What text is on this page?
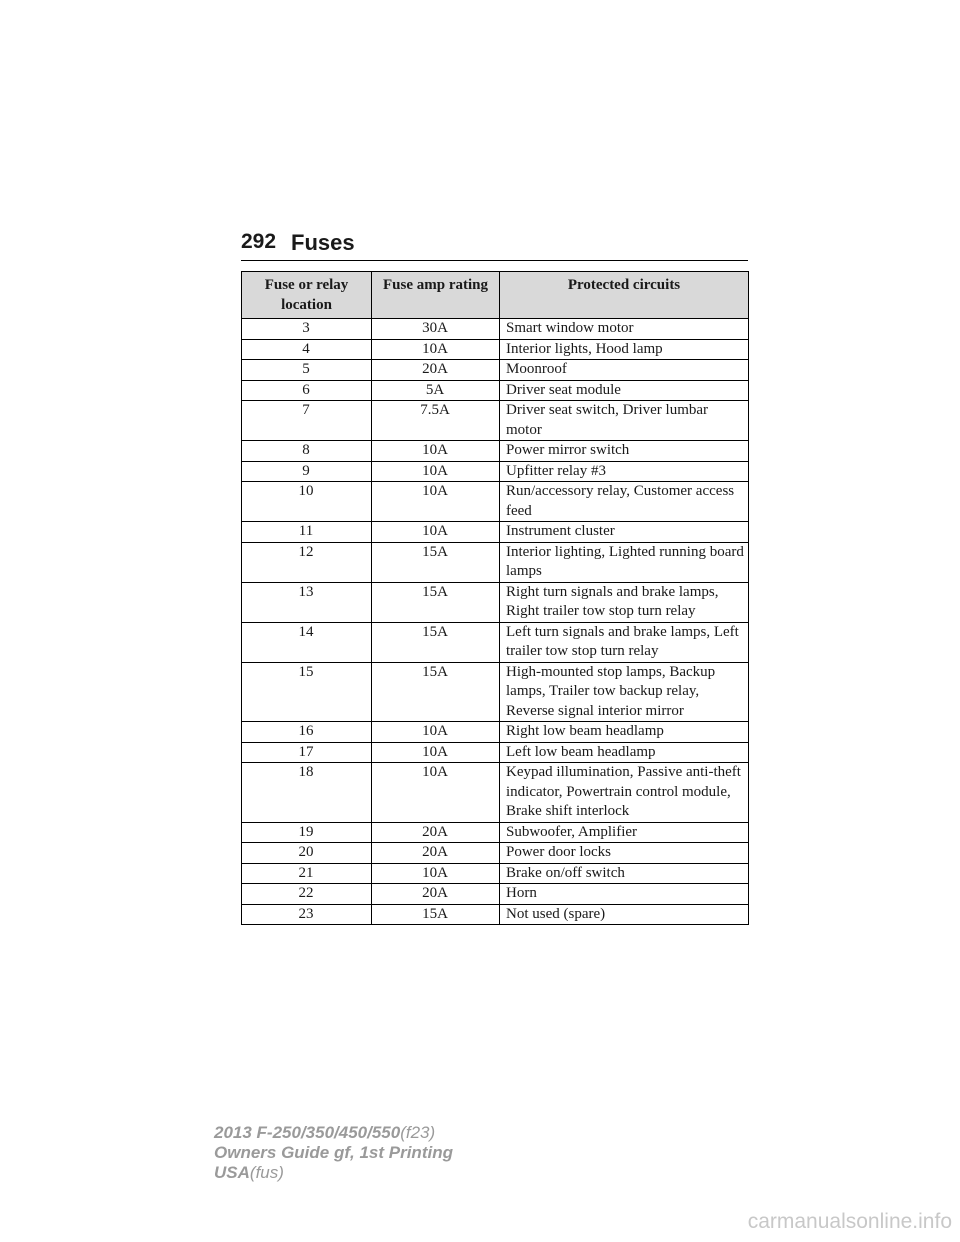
292 Fuses
Fuse or relay location	Fuse amp rating	Protected circuits
3	30A	Smart window motor
4	10A	Interior lights, Hood lamp
5	20A	Moonroof
6	5A	Driver seat module
7	7.5A	Driver seat switch, Driver lumbar motor
8	10A	Power mirror switch
9	10A	Upfitter relay #3
10	10A	Run/accessory relay, Customer access feed
11	10A	Instrument cluster
12	15A	Interior lighting, Lighted running board lamps
13	15A	Right turn signals and brake lamps, Right trailer tow stop turn relay
14	15A	Left turn signals and brake lamps, Left trailer tow stop turn relay
15	15A	High-mounted stop lamps, Backup lamps, Trailer tow backup relay, Reverse signal interior mirror
16	10A	Right low beam headlamp
17	10A	Left low beam headlamp
18	10A	Keypad illumination, Passive anti-theft indicator, Powertrain control module, Brake shift interlock
19	20A	Subwoofer, Amplifier
20	20A	Power door locks
21	10A	Brake on/off switch
22	20A	Horn
23	15A	Not used (spare)
2013 F-250/350/450/550(f23)
Owners Guide gf, 1st Printing
USA(fus)
carmanualsonline.info
